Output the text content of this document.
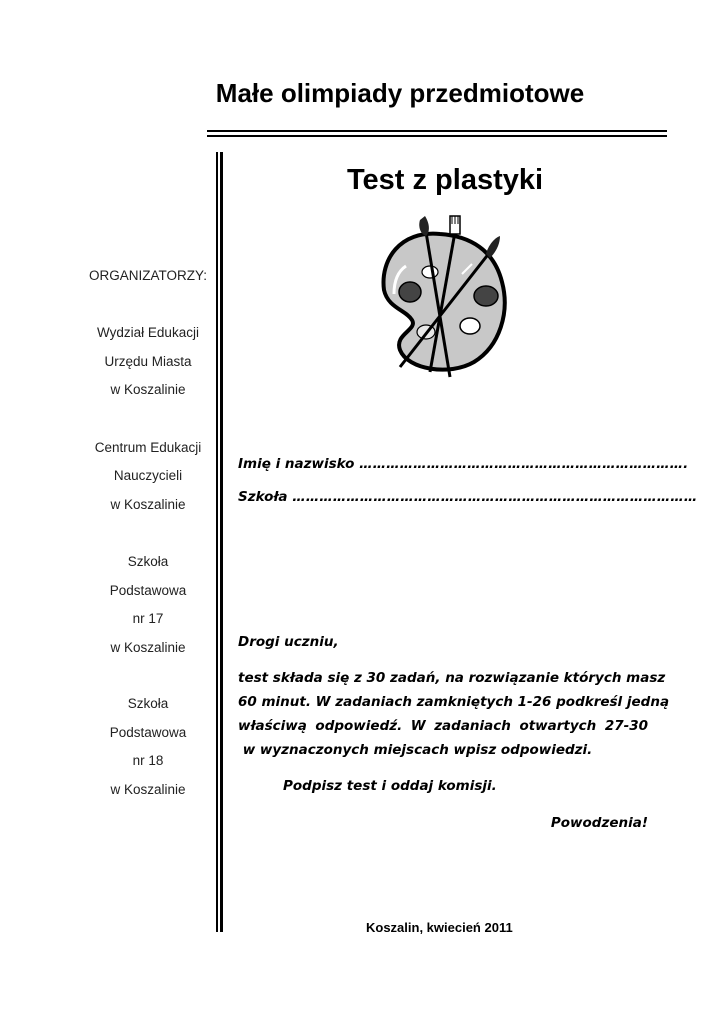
Małe olimpiady przedmiotowe
Test z plastyki
ORGANIZATORZY:
Wydział Edukacji
Urzędu Miasta
w Koszalinie
Centrum Edukacji
Nauczycieli
w Koszalinie
Szkoła
Podstawowa
nr 17
w Koszalinie
Szkoła
Podstawowa
nr 18
w Koszalinie
Imię i nazwisko ……………………………………………………………….
Szkoła ………………………………………………………………………………
Drogi uczniu,
test składa się z 30 zadań, na rozwiązanie których masz
60 minut. W zadaniach zamkniętych 1-26 podkreśl jedną
właściwą odpowiedź. W zadaniach otwartych 27-30
w wyznaczonych miejscach wpisz odpowiedzi.
Podpisz test i oddaj komisji.
Powodzenia!
Koszalin, kwiecień 2011
